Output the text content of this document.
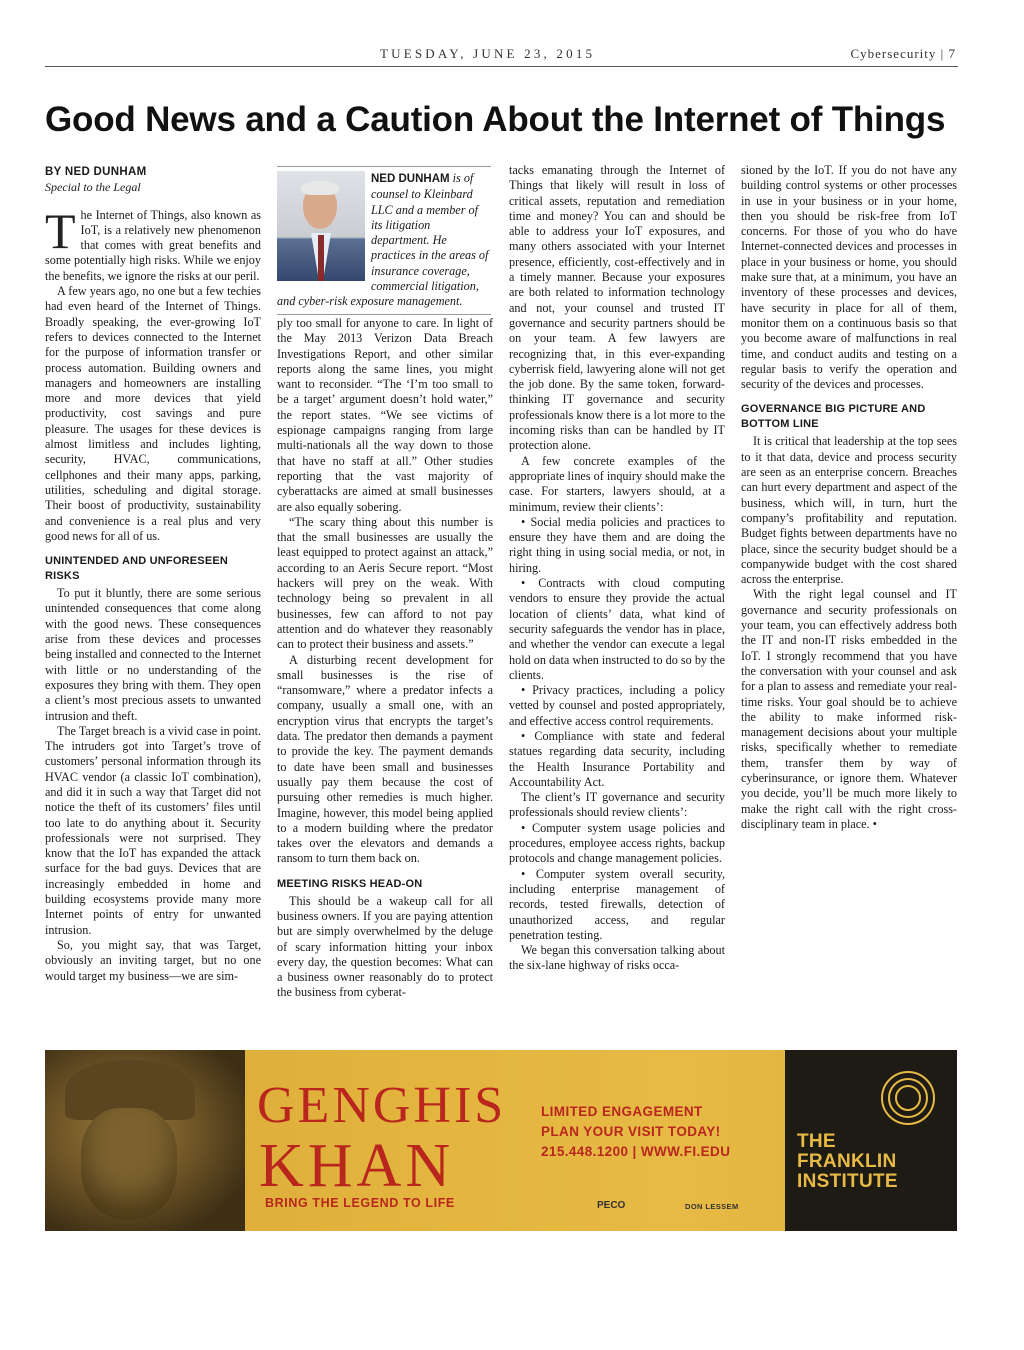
TUESDAY, JUNE 23, 2015	Cybersecurity | 7
Good News and a Caution About the Internet of Things
BY NED DUNHAM
Special to the Legal

The Internet of Things, also known as IoT, is a relatively new phenomenon that comes with great benefits and some potentially high risks. While we enjoy the benefits, we ignore the risks at our peril.

A few years ago, no one but a few techies had even heard of the Internet of Things. Broadly speaking, the ever-growing IoT refers to devices connected to the Internet for the purpose of information transfer or process automation. Building owners and managers and homeowners are installing more and more devices that yield productivity, cost savings and pure pleasure. The usages for these devices is almost limitless and includes lighting, security, HVAC, communications, cellphones and their many apps, parking, utilities, scheduling and digital storage. Their boost of productivity, sustainability and convenience is a real plus and very good news for all of us.

UNINTENDED AND UNFORESEEN RISKS

To put it bluntly, there are some serious unintended consequences that come along with the good news. These consequences arise from these devices and processes being installed and connected to the Internet with little or no understanding of the exposures they bring with them. They open a client’s most precious assets to unwanted intrusion and theft.

The Target breach is a vivid case in point. The intruders got into Target’s trove of customers’ personal information through its HVAC vendor (a classic IoT combination), and did it in such a way that Target did not notice the theft of its customers’ files until too late to do anything about it. Security professionals were not surprised. They know that the IoT has expanded the attack surface for the bad guys. Devices that are increasingly embedded in home and building ecosystems provide many more Internet points of entry for unwanted intrusion.

So, you might say, that was Target, obviously an inviting target, but no one would target my business—we are sim-

NED DUNHAM is of counsel to Kleinbard LLC and a member of its litigation department. He practices in the areas of insurance coverage, commercial litigation, and cyber-risk exposure management.

ply too small for anyone to care. In light of the May 2013 Verizon Data Breach Investigations Report, and other similar reports along the same lines, you might want to reconsider. “The ‘I’m too small to be a target’ argument doesn’t hold water,” the report states. “We see victims of espionage campaigns ranging from large multi-nationals all the way down to those that have no staff at all.” Other studies reporting that the vast majority of cyberattacks are aimed at small businesses are also equally sobering.

“The scary thing about this number is that the small businesses are usually the least equipped to protect against an attack,” according to an Aeris Secure report. “Most hackers will prey on the weak. With technology being so prevalent in all businesses, few can afford to not pay attention and do whatever they reasonably can to protect their business and assets.”

A disturbing recent development for small businesses is the rise of “ransomware,” where a predator infects a company, usually a small one, with an encryption virus that encrypts the target’s data. The predator then demands a payment to provide the key. The payment demands to date have been small and businesses usually pay them because the cost of pursuing other remedies is much higher. Imagine, however, this model being applied to a modern building where the predator takes over the elevators and demands a ransom to turn them back on.

MEETING RISKS HEAD-ON

This should be a wakeup call for all business owners. If you are paying attention but are simply overwhelmed by the deluge of scary information hitting your inbox every day, the question becomes: What can a business owner reasonably do to protect the business from cyberat-

tacks emanating through the Internet of Things that likely will result in loss of critical assets, reputation and remediation time and money? You can and should be able to address your IoT exposures, and many others associated with your Internet presence, efficiently, cost-effectively and in a timely manner. Because your exposures are both related to information technology and not, your counsel and trusted IT governance and security partners should be on your team. A few lawyers are recognizing that, in this ever-expanding cyberrisk field, lawyering alone will not get the job done. By the same token, forward-thinking IT governance and security professionals know there is a lot more to the incoming risks than can be handled by IT protection alone.

A few concrete examples of the appropriate lines of inquiry should make the case. For starters, lawyers should, at a minimum, review their clients’:

• Social media policies and practices to ensure they have them and are doing the right thing in using social media, or not, in hiring.

• Contracts with cloud computing vendors to ensure they provide the actual location of clients’ data, what kind of security safeguards the vendor has in place, and whether the vendor can execute a legal hold on data when instructed to do so by the clients.

• Privacy practices, including a policy vetted by counsel and posted appropriately, and effective access control requirements.

• Compliance with state and federal statues regarding data security, including the Health Insurance Portability and Accountability Act.

The client’s IT governance and security professionals should review clients’:

• Computer system usage policies and procedures, employee access rights, backup protocols and change management policies.

• Computer system overall security, including enterprise management of records, tested firewalls, detection of unauthorized access, and regular penetration testing.

We began this conversation talking about the six-lane highway of risks occa-

sioned by the IoT. If you do not have any building control systems or other processes in use in your business or in your home, then you should be risk-free from IoT concerns. For those of you who do have Internet-connected devices and processes in place in your business or home, you should make sure that, at a minimum, you have an inventory of these processes and devices, have security in place for all of them, monitor them on a continuous basis so that you become aware of malfunctions in real time, and conduct audits and testing on a regular basis to verify the operation and security of the devices and processes.

GOVERNANCE BIG PICTURE AND BOTTOM LINE

It is critical that leadership at the top sees to it that data, device and process security are seen as an enterprise concern. Breaches can hurt every department and aspect of the business, which will, in turn, hurt the company’s profitability and reputation. Budget fights between departments have no place, since the security budget should be a companywide budget with the cost shared across the enterprise.

With the right legal counsel and IT governance and security professionals on your team, you can effectively address both the IT and non-IT risks embedded in the IoT. I strongly recommend that you have the conversation with your counsel and ask for a plan to assess and remediate your real-time risks. Your goal should be to achieve the ability to make informed risk-management decisions about your multiple risks, specifically whether to remediate them, transfer them by way of cyberinsurance, or ignore them. Whatever you decide, you’ll be much more likely to make the right call with the right cross-disciplinary team in place. •

GENGHIS
KHAN
BRING THE LEGEND TO LIFE
LIMITED ENGAGEMENT
PLAN YOUR VISIT TODAY!
215.448.1200 | WWW.FI.EDU
PECO	DON LESSEM
THE
FRANKLIN
INSTITUTE
